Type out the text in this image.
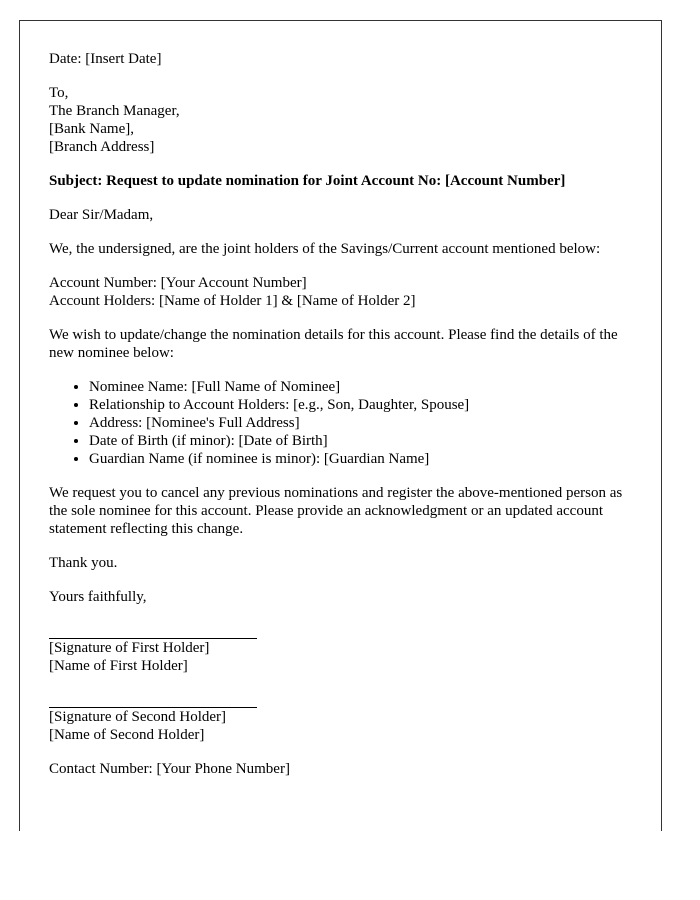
Date: [Insert Date]

To,
The Branch Manager,
[Bank Name],
[Branch Address]

Subject: Request to update nomination for Joint Account No: [Account Number]

Dear Sir/Madam,

We, the undersigned, are the joint holders of the Savings/Current account mentioned below:

Account Number: [Your Account Number]
Account Holders: [Name of Holder 1] & [Name of Holder 2]

We wish to update/change the nomination details for this account. Please find the details of the new nominee below:

• Nominee Name: [Full Name of Nominee]
• Relationship to Account Holders: [e.g., Son, Daughter, Spouse]
• Address: [Nominee's Full Address]
• Date of Birth (if minor): [Date of Birth]
• Guardian Name (if nominee is minor): [Guardian Name]

We request you to cancel any previous nominations and register the above-mentioned person as the sole nominee for this account. Please provide an acknowledgment or an updated account statement reflecting this change.

Thank you.

Yours faithfully,

[Signature of First Holder]
[Name of First Holder]
[Signature of Second Holder]
[Name of Second Holder]

Contact Number: [Your Phone Number]
